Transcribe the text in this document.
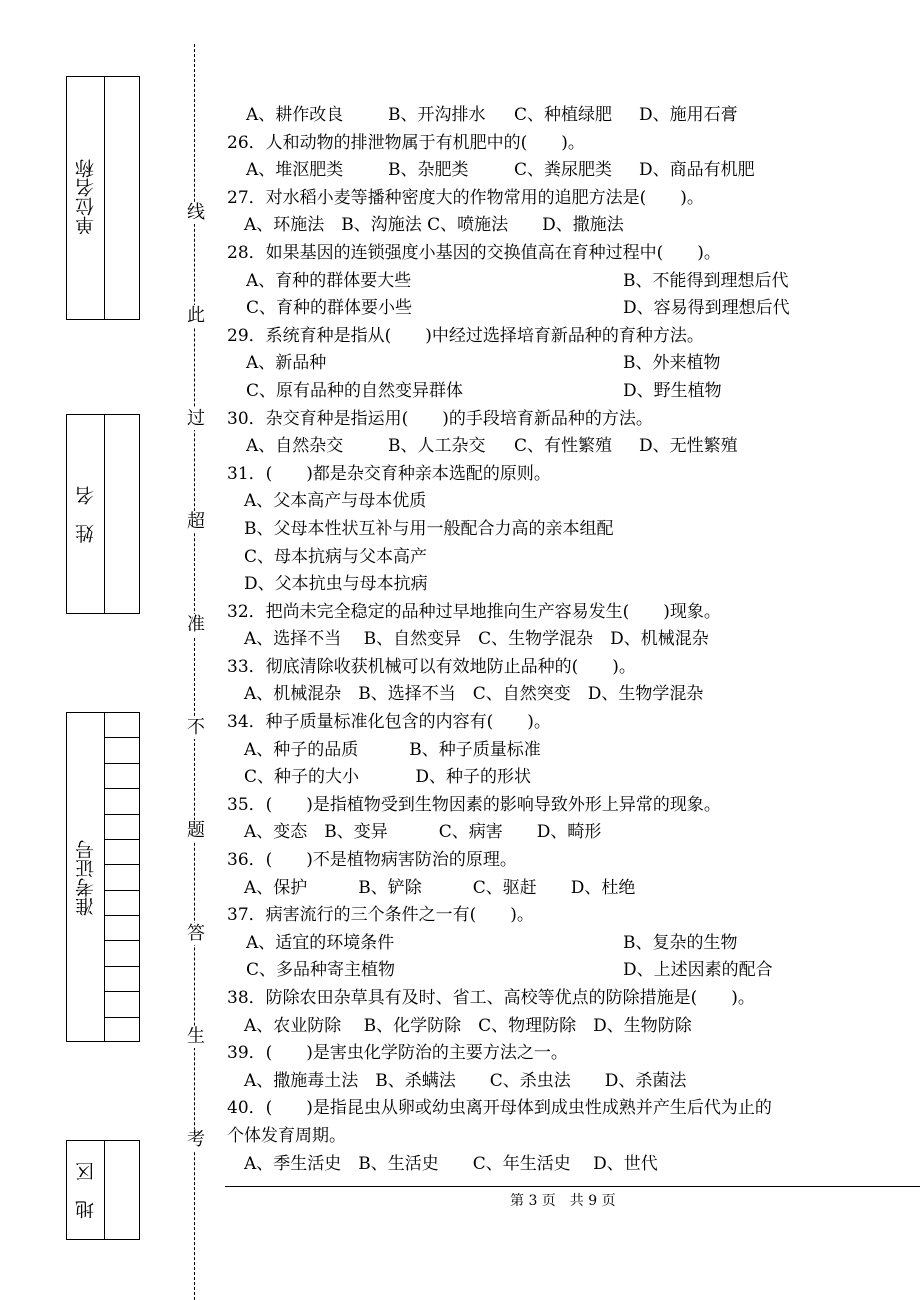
单位名称
姓　名
准考证号
地　区
线
此
过
超
准
不
题
答
生
考
A、耕作改良	B、开沟排水 C、种植绿肥 D、施用石膏
26．人和动物的排泄物属于有机肥中的(　　)。
A、堆沤肥类	B、杂肥类	C、粪尿肥类 D、商品有机肥
27．对水稻小麦等播种密度大的作物常用的追肥方法是(　　)。
　A、环施法　B、沟施法 C、喷施法　　D、撒施法
28．如果基因的连锁强度小基因的交换值高在育种过程中(　　)。
A、育种的群体要大些	B、不能得到理想后代
C、育种的群体要小些	D、容易得到理想后代
29．系统育种是指从(　　)中经过选择培育新品种的育种方法。
A、新品种	B、外来植物
C、原有品种的自然变异群体	D、野生植物
30．杂交育种是指运用(　　)的手段培育新品种的方法。
A、自然杂交	B、人工杂交 C、有性繁殖 D、无性繁殖
31．(　　)都是杂交育种亲本选配的原则。
　A、父本高产与母本优质
　B、父母本性状互补与用一般配合力高的亲本组配
　C、母本抗病与父本高产
　D、父本抗虫与母本抗病
32．把尚未完全稳定的品种过早地推向生产容易发生(　　)现象。
　A、选择不当　 B、自然变异　C、生物学混杂　D、机械混杂
33．彻底清除收获机械可以有效地防止品种的(　　)。
　A、机械混杂　B、选择不当　C、自然突变　D、生物学混杂
34．种子质量标准化包含的内容有(　　)。
　A、种子的品质　　　B、种子质量标准
　C、种子的大小　　　 D、种子的形状
35．(　　)是指植物受到生物因素的影响导致外形上异常的现象。
　A、变态　B、变异　　　C、病害　　D、畸形
36．(　　)不是植物病害防治的原理。
　A、保护　　　B、铲除　　　C、驱赶　　D、杜绝
37．病害流行的三个条件之一有(　　)。
A、适宜的环境条件	B、复杂的生物
C、多品种寄主植物	D、上述因素的配合
38．防除农田杂草具有及时、省工、高校等优点的防除措施是(　　)。
　A、农业防除　 B、化学防除　C、物理防除　D、生物防除
39．(　　)是害虫化学防治的主要方法之一。
　A、撒施毒土法　B、杀螨法　　C、杀虫法　　D、杀菌法
40．(　　)是指昆虫从卵或幼虫离开母体到成虫性成熟并产生后代为止的
个体发育周期。
　A、季生活史　B、生活史　　C、年生活史　 D、世代
第 3 页　共 9 页
